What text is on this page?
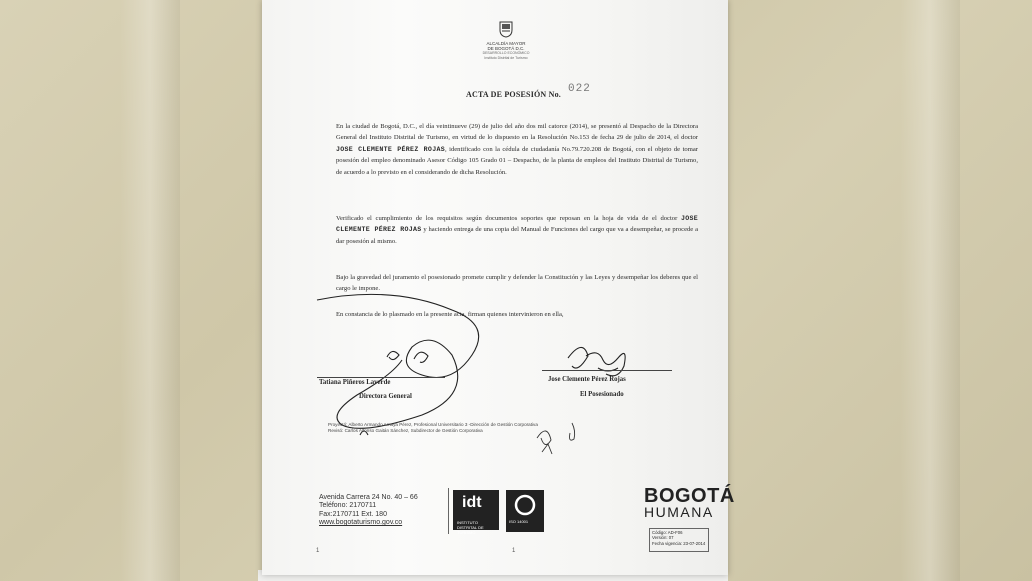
ALCALDÍA MAYOR
DE BOGOTÁ D.C.
DESARROLLO ECONÓMICO
Instituto Distrital de Turismo
ACTA DE POSESIÓN No. 022
En la ciudad de Bogotá, D.C., el día veintinueve (29) de julio del año dos mil catorce (2014), se presentó al Despacho de la Directora General del Instituto Distrital de Turismo, en virtud de lo dispuesto en la Resolución No.153 de fecha 29 de julio de 2014, el doctor JOSE CLEMENTE PÉREZ ROJAS, identificado con la cédula de ciudadanía No.79.720.208 de Bogotá, con el objeto de tomar posesión del empleo denominado Asesor Código 105 Grado 01 – Despacho, de la planta de empleos del Instituto Distrital de Turismo, de acuerdo a lo previsto en el considerando de dicha Resolución.
Verificado el cumplimiento de los requisitos según documentos soportes que reposan en la hoja de vida de el doctor JOSE CLEMENTE PÉREZ ROJAS y haciendo entrega de una copia del Manual de Funciones del cargo que va a desempeñar, se procede a dar posesión al mismo.
Bajo la gravedad del juramento el posesionado promete cumplir y defender la Constitución y las Leyes y desempeñar los deberes que el cargo le impone.
En constancia de lo plasmado en la presente acta, firman quienes intervinieron en ella,
Tatiana Piñeros Laverde
Directora General
Jose Clemente Pérez Rojas
El Posesionado
Proyectó: Alberto Armando Amaya Pérez, Profesional Universitario 3 -Dirección de Gestión Corporativa
Revisó: Carlos Alfonso Gaitán Sánchez, Subdirector de Gestión Corporativa
Avenida Carrera 24 No. 40 – 66
Teléfono: 2170711
Fax:2170711 Ext. 180
www.bogotaturismo.gov.co
idt
INSTITUTO DISTRITAL DE TURISMO
ISO 14001
BOGOTÁ
HUMANA
Código: AD-F06
Versión: 07
Fecha vigencia: 23-07-2014
1	1
